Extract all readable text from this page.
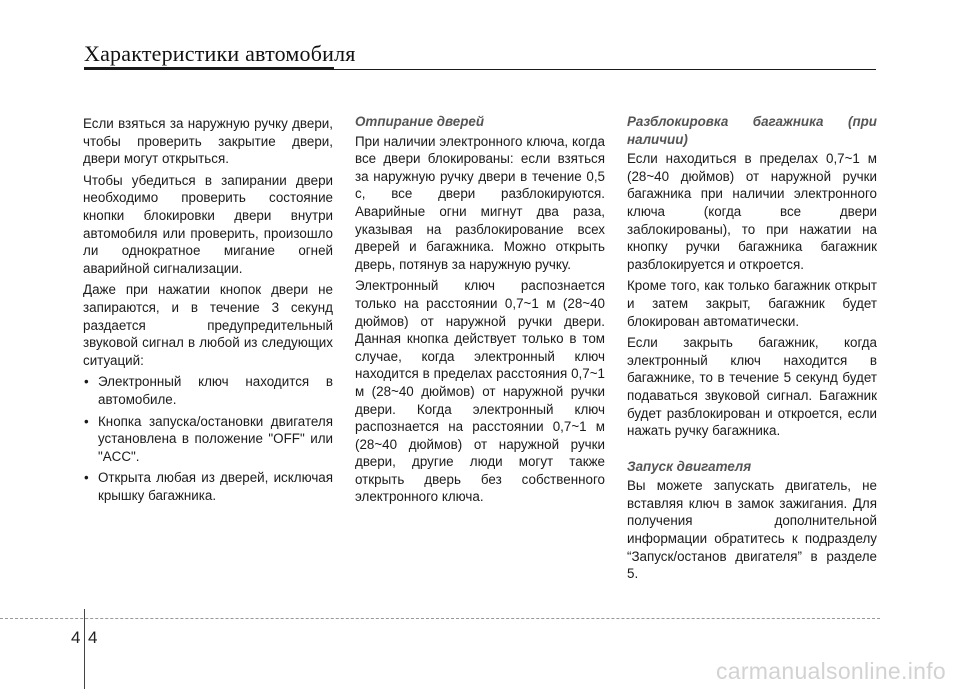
Характеристики автомобиля

Если взяться за наружную ручку двери, чтобы проверить закрытие двери, двери могут открыться.

Чтобы убедиться в запирании двери необходимо проверить состояние кнопки блокировки двери внутри автомобиля или проверить, произошло ли однократное мигание огней аварийной сигнализации.

Даже при нажатии кнопок двери не запираются, и в течение 3 секунд раздается предупредительный звуковой сигнал в любой из следующих ситуаций:

• Электронный ключ находится в автомобиле.
• Кнопка запуска/остановки двигателя установлена в положение "OFF" или "ACC".
• Открыта любая из дверей, исключая крышку багажника.
Отпирание дверей

При наличии электронного ключа, когда все двери блокированы: если взяться за наружную ручку двери в течение 0,5 с, все двери разблокируются. Аварийные огни мигнут два раза, указывая на разблокирование всех дверей и багажника. Можно открыть дверь, потянув за наружную ручку.

Электронный ключ распознается только на расстоянии 0,7~1 м (28~40 дюймов) от наружной ручки двери. Данная кнопка действует только в том случае, когда электронный ключ находится в пределах расстояния 0,7~1 м (28~40 дюймов) от наружной ручки двери. Когда электронный ключ распознается на расстоянии 0,7~1 м (28~40 дюймов) от наружной ручки двери, другие люди могут также открыть дверь без собственного электронного ключа.

Разблокировка багажника (при наличии)

Если находиться в пределах 0,7~1 м (28~40 дюймов) от наружной ручки багажника при наличии электронного ключа (когда все двери заблокированы), то при нажатии на кнопку ручки багажника багажник разблокируется и откроется.

Кроме того, как только багажник открыт и затем закрыт, багажник будет блокирован автоматически.

Если закрыть багажник, когда электронный ключ находится в багажнике, то в течение 5 секунд будет подаваться звуковой сигнал. Багажник будет разблокирован и откроется, если нажать ручку багажника.

Запуск двигателя

Вы можете запускать двигатель, не вставляя ключ в замок зажигания. Для получения дополнительной информации обратитесь к подразделу “Запуск/останов двигателя” в разделе 5.

4 4
carmanualsonline.info
